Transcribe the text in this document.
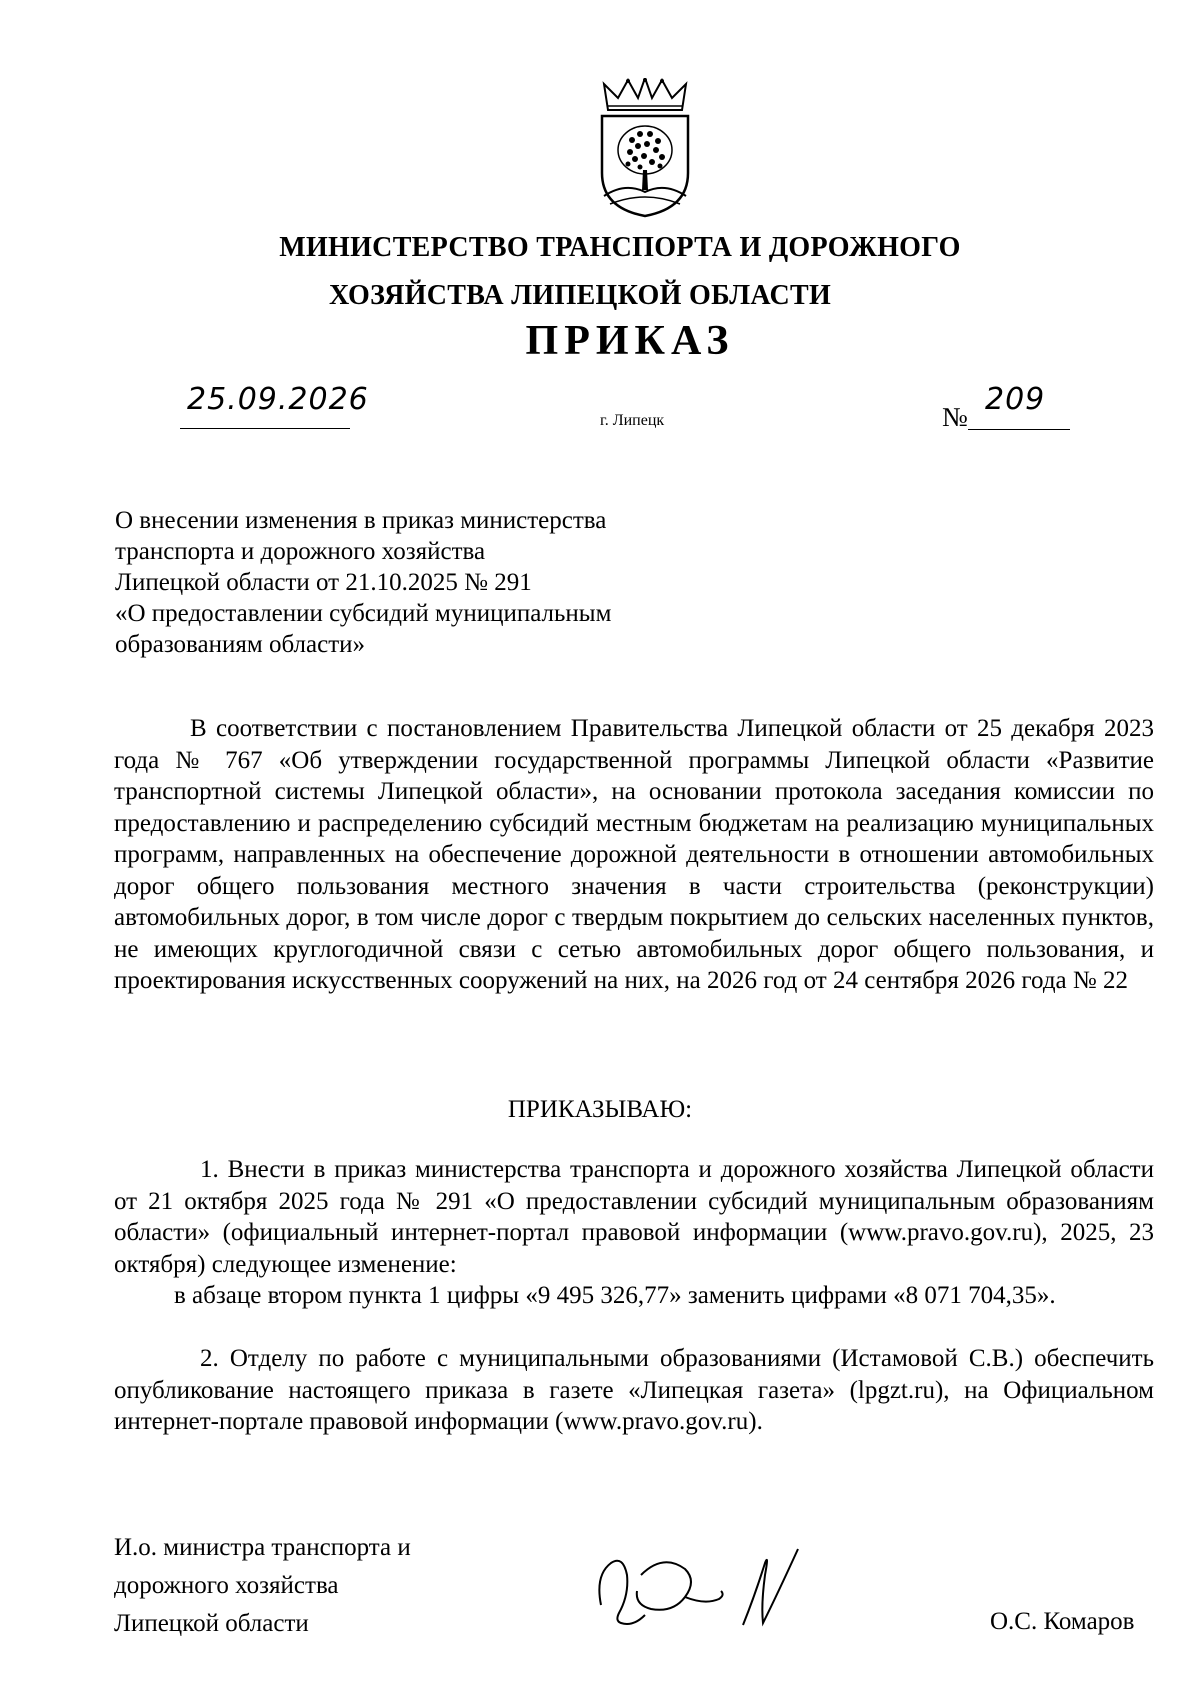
МИНИСТЕРСТВО ТРАНСПОРТА И ДОРОЖНОГО
ХОЗЯЙСТВА ЛИПЕЦКОЙ ОБЛАСТИ
ПРИКАЗ
25.09.2026
г. Липецк	№ 209
О внесении изменения в приказ министерства
транспорта и дорожного хозяйства
Липецкой области от 21.10.2025 № 291
«О предоставлении субсидий муниципальным
образованиям области»
В соответствии с постановлением Правительства Липецкой области от 25 декабря 2023 года № 767 «Об утверждении государственной программы Липецкой области «Развитие транспортной системы Липецкой области», на основании протокола заседания комиссии по предоставлению и распределению субсидий местным бюджетам на реализацию муниципальных программ, направленных на обеспечение дорожной деятельности в отношении автомобильных дорог общего пользования местного значения в части строительства (реконструкции) автомобильных дорог, в том числе дорог с твердым покрытием до сельских населенных пунктов, не имеющих круглогодичной связи с сетью автомобильных дорог общего пользования, и проектирования искусственных сооружений на них, на 2026 год от 24 сентября 2026 года № 22
ПРИКАЗЫВАЮ:
1. Внести в приказ министерства транспорта и дорожного хозяйства Липецкой области от 21 октября 2025 года № 291 «О предоставлении субсидий муниципальным образованиям области» (официальный интернет-портал правовой информации (www.pravo.gov.ru), 2025, 23 октября) следующее изменение:
в абзаце втором пункта 1 цифры «9 495 326,77» заменить цифрами «8 071 704,35».
2. Отделу по работе с муниципальными образованиями (Истамовой С.В.) обеспечить опубликование настоящего приказа в газете «Липецкая газета» (lpgzt.ru), на Официальном интернет-портале правовой информации (www.pravo.gov.ru).
И.о. министра транспорта и
дорожного хозяйства
Липецкой области	О.С. Комаров
